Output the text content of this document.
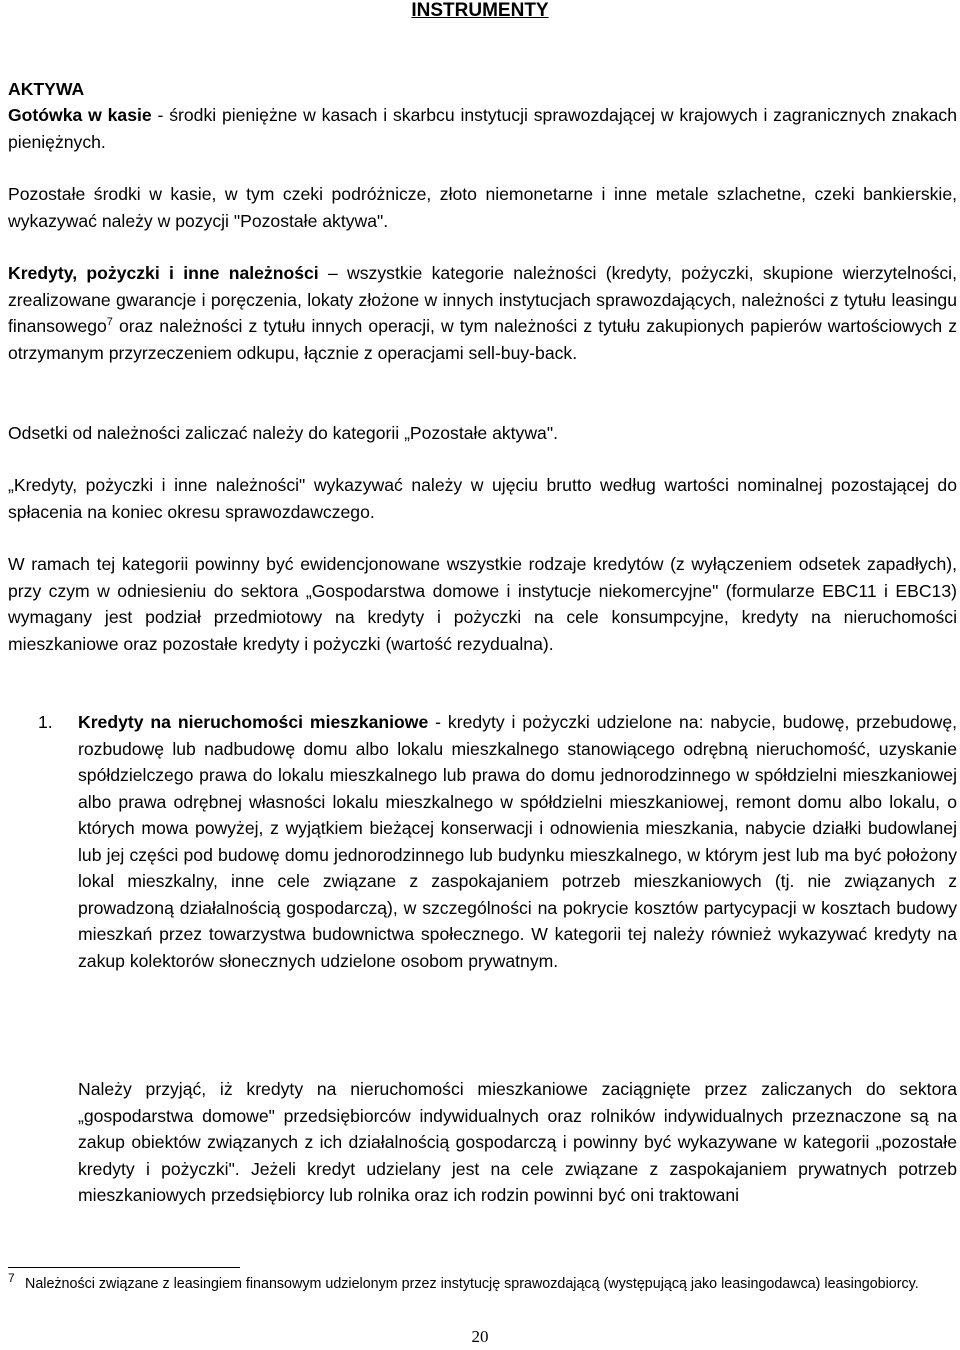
INSTRUMENTY
AKTYWA

Gotówka w kasie - środki pieniężne w kasach i skarbcu instytucji sprawozdającej w krajowych i zagranicznych znakach pieniężnych.

Pozostałe środki w kasie, w tym czeki podróżnicze, złoto niemonetarne i inne metale szlachetne, czeki bankierskie, wykazywać należy w pozycji "Pozostałe aktywa".

Kredyty, pożyczki i inne należności – wszystkie kategorie należności (kredyty, pożyczki, skupione wierzytelności, zrealizowane gwarancje i poręczenia, lokaty złożone w innych instytucjach sprawozdających, należności z tytułu leasingu finansowego$^7$ oraz należności z tytułu innych operacji, w tym należności z tytułu zakupionych papierów wartościowych z otrzymanym przyrzeczeniem odkupu, łącznie z operacjami sell-buy-back.

Odsetki od należności zaliczać należy do kategorii „Pozostałe aktywa".

„Kredyty, pożyczki i inne należności" wykazywać należy w ujęciu brutto według wartości nominalnej pozostającej do spłacenia na koniec okresu sprawozdawczego.

W ramach tej kategorii powinny być ewidencjonowane wszystkie rodzaje kredytów (z wyłączeniem odsetek zapadłych), przy czym w odniesieniu do sektora „Gospodarstwa domowe i instytucje niekomercyjne" (formularze EBC11 i EBC13) wymagany jest podział przedmiotowy na kredyty i pożyczki na cele konsumpcyjne, kredyty na nieruchomości mieszkaniowe oraz pozostałe kredyty i pożyczki (wartość rezydualna).

1. Kredyty na nieruchomości mieszkaniowe - kredyty i pożyczki udzielone na: nabycie, budowę, przebudowę, rozbudowę lub nadbudowę domu albo lokalu mieszkalnego stanowiącego odrębną nieruchomość, uzyskanie spółdzielczego prawa do lokalu mieszkalnego lub prawa do domu jednorodzinnego w spółdzielni mieszkaniowej albo prawa odrębnej własności lokalu mieszkalnego w spółdzielni mieszkaniowej, remont domu albo lokalu, o których mowa powyżej, z wyjątkiem bieżącej konserwacji i odnowienia mieszkania, nabycie działki budowlanej lub jej części pod budowę domu jednorodzinnego lub budynku mieszkalnego, w którym jest lub ma być położony lokal mieszkalny, inne cele związane z zaspokajaniem potrzeb mieszkaniowych (tj. nie związanych z prowadzoną działalnością gospodarczą), w szczególności na pokrycie kosztów partycypacji w kosztach budowy mieszkań przez towarzystwa budownictwa społecznego. W kategorii tej należy również wykazywać kredyty na zakup kolektorów słonecznych udzielone osobom prywatnym.

Należy przyjąć, iż kredyty na nieruchomości mieszkaniowe zaciągnięte przez zaliczanych do sektora „gospodarstwa domowe" przedsiębiorców indywidualnych oraz rolników indywidualnych przeznaczone są na zakup obiektów związanych z ich działalnością gospodarczą i powinny być wykazywane w kategorii „pozostałe kredyty i pożyczki". Jeżeli kredyt udzielany jest na cele związane z zaspokajaniem prywatnych potrzeb mieszkaniowych przedsiębiorcy lub rolnika oraz ich rodzin powinni być oni traktowani

7 Należności związane z leasingiem finansowym udzielonym przez instytucję sprawozdającą (występującą jako leasingodawca) leasingobiorcy.

20
